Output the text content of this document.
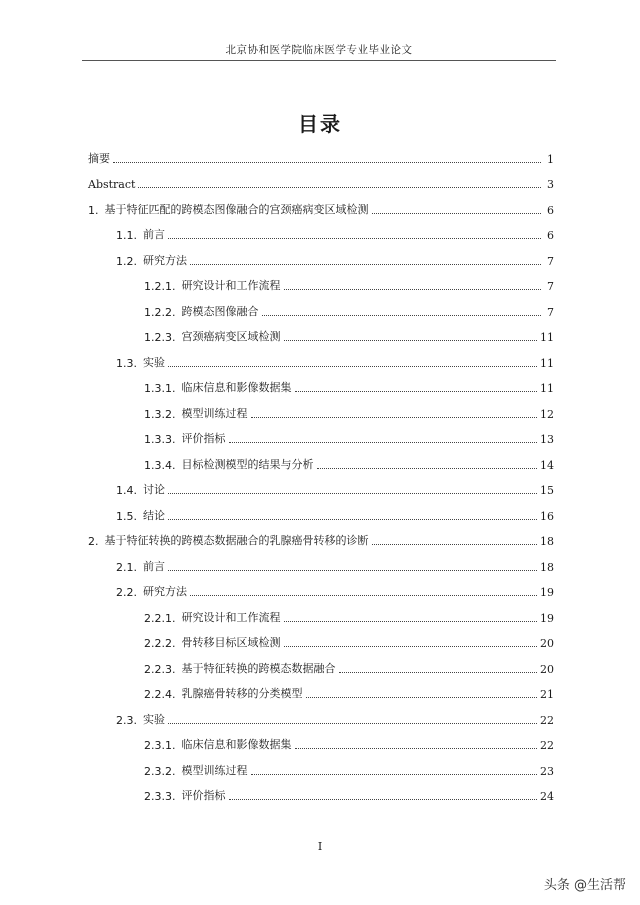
北京协和医学院临床医学专业毕业论文
目录
摘要	1
Abstract	3
1. 基于特征匹配的跨模态图像融合的宫颈癌病变区域检测	6
1.1. 前言	6
1.2. 研究方法	7
1.2.1. 研究设计和工作流程	7
1.2.2. 跨模态图像融合	7
1.2.3. 宫颈癌病变区域检测	11
1.3. 实验	11
1.3.1. 临床信息和影像数据集	11
1.3.2. 模型训练过程	12
1.3.3. 评价指标	13
1.3.4. 目标检测模型的结果与分析	14
1.4. 讨论	15
1.5. 结论	16
2. 基于特征转换的跨模态数据融合的乳腺癌骨转移的诊断	18
2.1. 前言	18
2.2. 研究方法	19
2.2.1. 研究设计和工作流程	19
2.2.2. 骨转移目标区域检测	20
2.2.3. 基于特征转换的跨模态数据融合	20
2.2.4. 乳腺癌骨转移的分类模型	21
2.3. 实验	22
2.3.1. 临床信息和影像数据集	22
2.3.2. 模型训练过程	23
2.3.3. 评价指标	24
I
头条 @生活帮
